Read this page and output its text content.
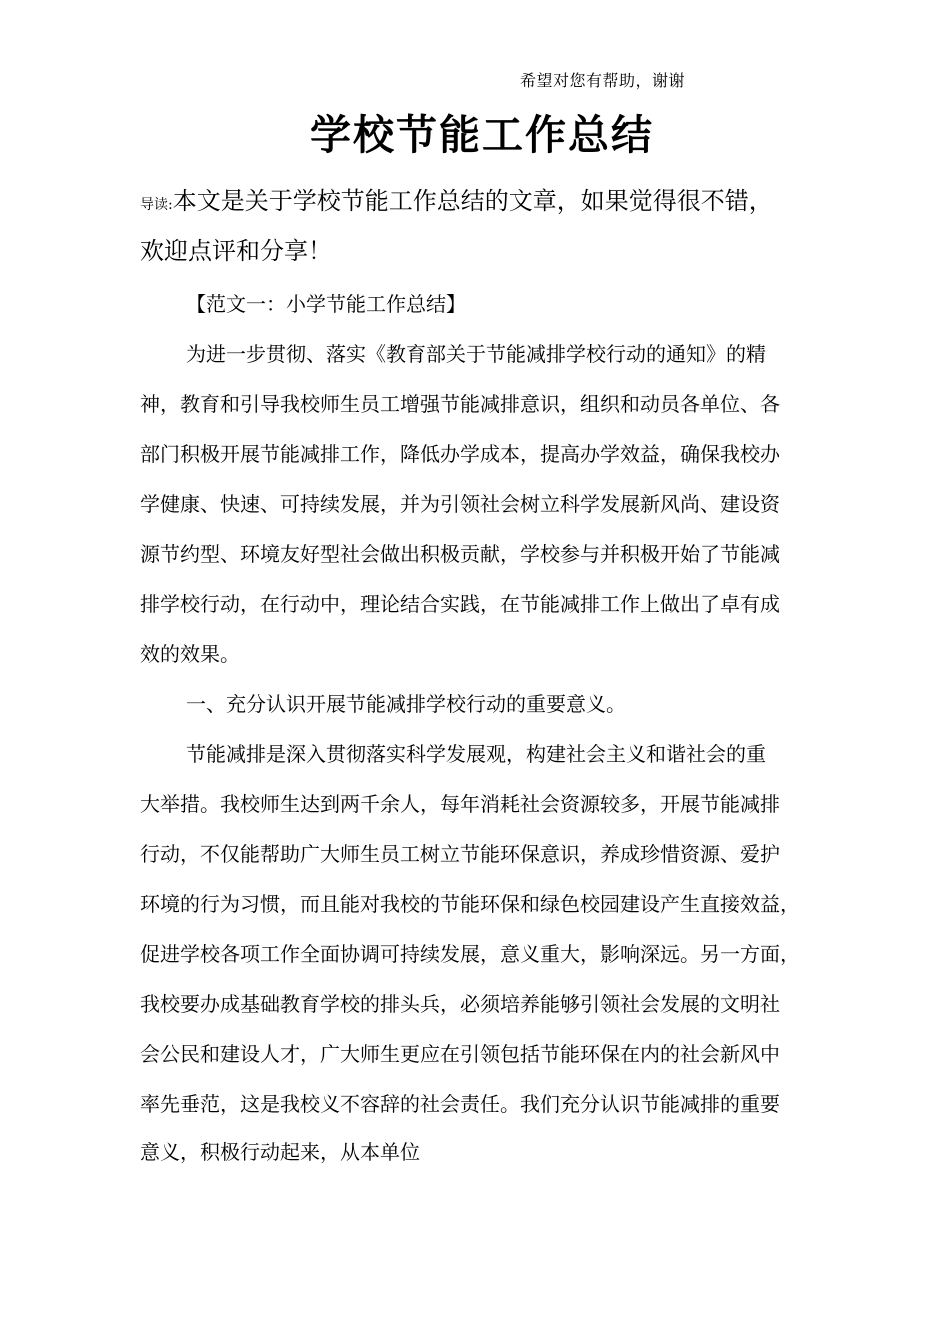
希望对您有帮助，谢谢
学校节能工作总结
导读:本文是关于学校节能工作总结的文章，如果觉得很不错，
欢迎点评和分享！
【范文一：小学节能工作总结】
为进一步贯彻、落实《教育部关于节能减排学校行动的通知》的精
神，教育和引导我校师生员工增强节能减排意识，组织和动员各单位、各
部门积极开展节能减排工作，降低办学成本，提高办学效益，确保我校办
学健康、快速、可持续发展，并为引领社会树立科学发展新风尚、建设资
源节约型、环境友好型社会做出积极贡献，学校参与并积极开始了节能减
排学校行动，在行动中，理论结合实践，在节能减排工作上做出了卓有成
效的效果。
一、充分认识开展节能减排学校行动的重要意义。
节能减排是深入贯彻落实科学发展观，构建社会主义和谐社会的重
大举措。我校师生达到两千余人，每年消耗社会资源较多，开展节能减排
行动，不仅能帮助广大师生员工树立节能环保意识，养成珍惜资源、爱护
环境的行为习惯，而且能对我校的节能环保和绿色校园建设产生直接效益，
促进学校各项工作全面协调可持续发展，意义重大，影响深远。另一方面，
我校要办成基础教育学校的排头兵，必须培养能够引领社会发展的文明社
会公民和建设人才，广大师生更应在引领包括节能环保在内的社会新风中
率先垂范，这是我校义不容辞的社会责任。我们充分认识节能减排的重要
意义，积极行动起来，从本单位
